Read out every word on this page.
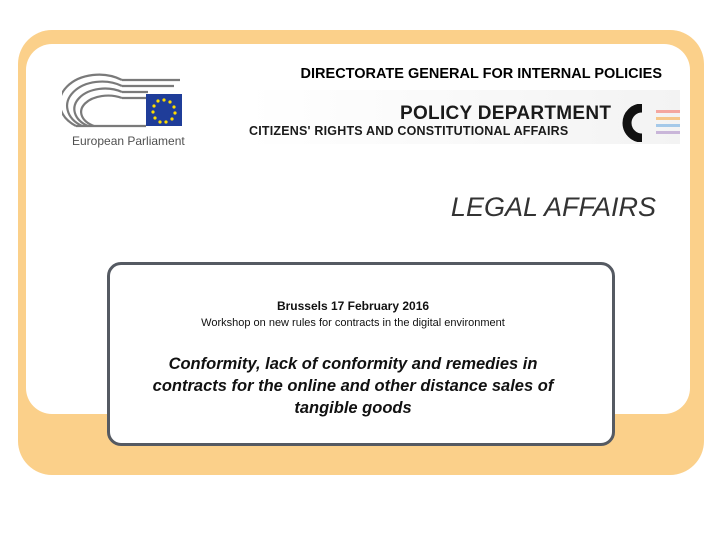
European Parliament
DIRECTORATE GENERAL FOR INTERNAL POLICIES
POLICY DEPARTMENT
CITIZENS' RIGHTS AND CONSTITUTIONAL AFFAIRS
LEGAL AFFAIRS
Brussels 17 February 2016
Workshop on new rules for contracts in the digital environment
Conformity, lack of conformity and remedies in contracts for the online and other distance sales of tangible goods
